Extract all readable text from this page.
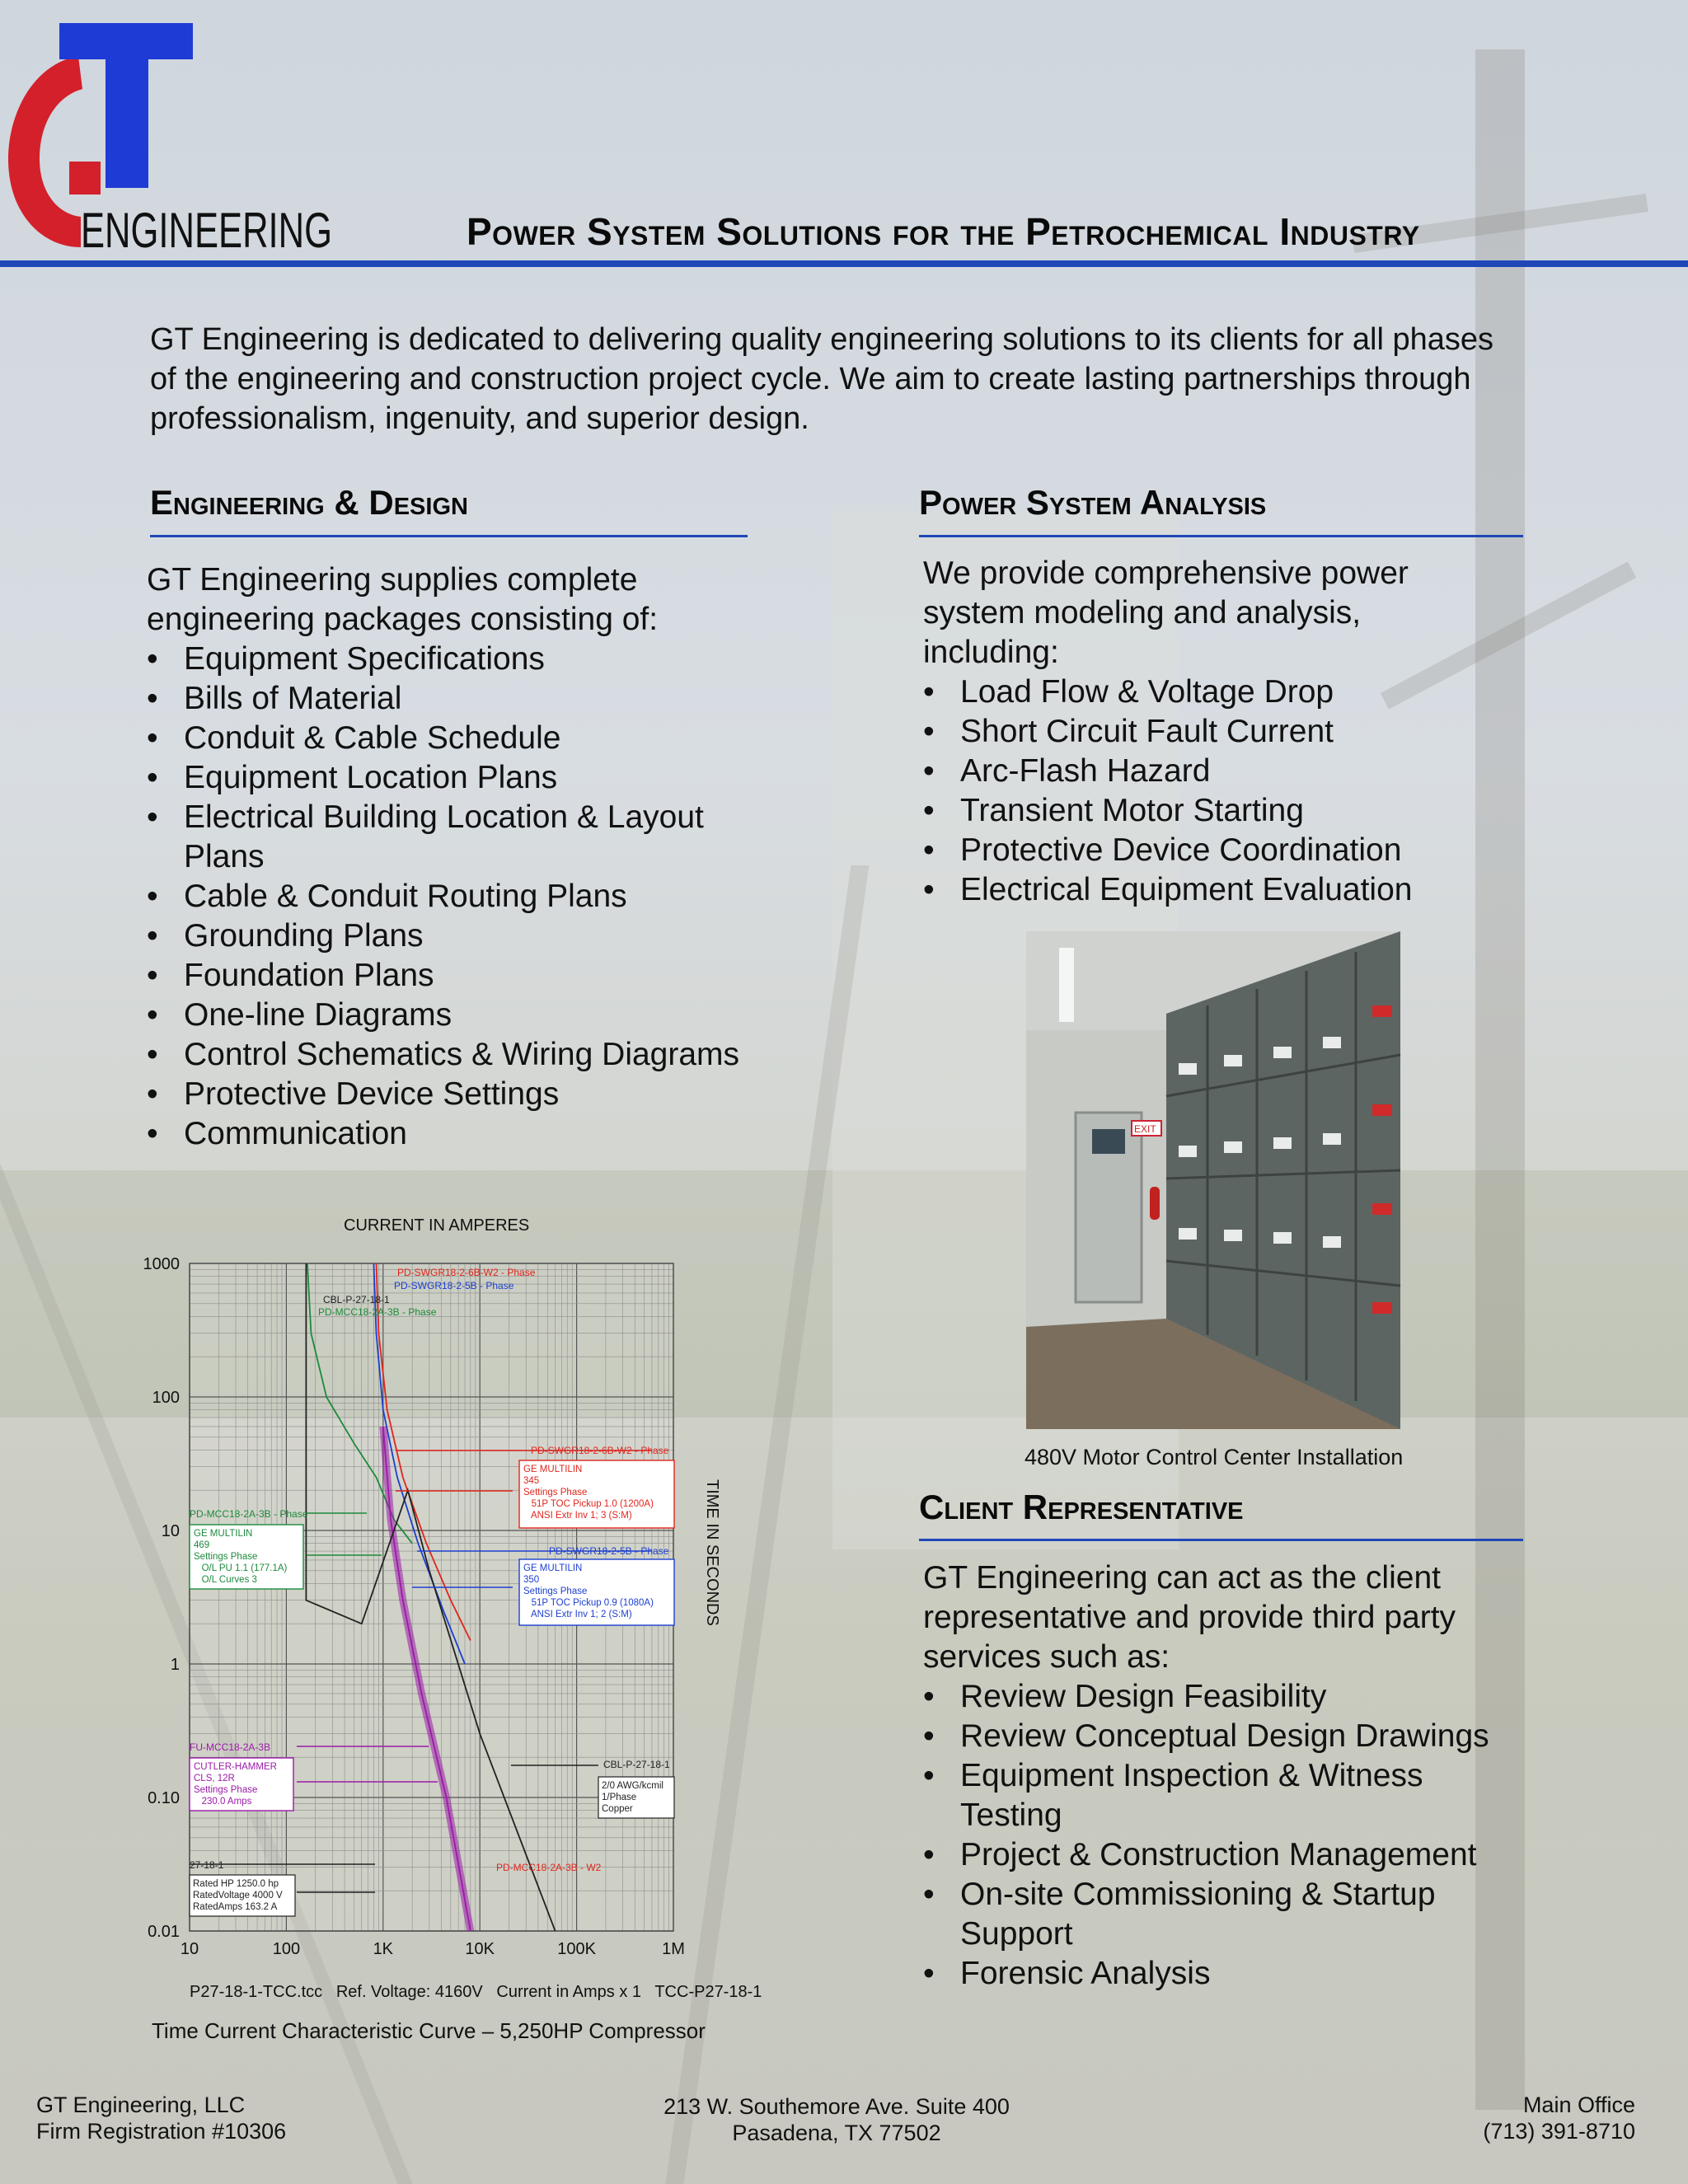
GT
ENGINEERING	Power System Solutions for the Petrochemical Industry
GT Engineering is dedicated to delivering quality engineering solutions to its clients for all phases of the engineering and construction project cycle. We aim to create lasting partnerships through professionalism, ingenuity, and superior design.
Engineering & Design
GT Engineering supplies complete engineering packages consisting of:
• Equipment Specifications
• Bills of Material
• Conduit & Cable Schedule
• Equipment Location Plans
• Electrical Building Location & Layout Plans
• Cable & Conduit Routing Plans
• Grounding Plans
• Foundation Plans
• One-line Diagrams
• Control Schematics & Wiring Diagrams
• Protective Device Settings
• Communication
Power System Analysis
We provide comprehensive power system modeling and analysis, including:
• Load Flow & Voltage Drop
• Short Circuit Fault Current
• Arc-Flash Hazard
• Transient Motor Starting
• Protective Device Coordination
• Electrical Equipment Evaluation
EXIT
480V Motor Control Center Installation
Client Representative
GT Engineering can act as the client representative and provide third party services such as:
• Review Design Feasibility
• Review Conceptual Design Drawings
• Equipment Inspection & Witness Testing
• Project & Construction Management
• On-site Commissioning & Startup Support
• Forensic Analysis
10	100	1K	10K	100K	1M
1000
100
10
1
0.10
0.01
CURRENT IN AMPERES
TIME IN SECONDS
PD-SWGR18-2-6B-W2 - Phase
PD-SWGR18-2-5B - Phase
CBL-P-27-18-1
PD-MCC18-2A-3B - Phase
PD-SWGR18-2-6B-W2 - Phase
PD-MCC18-2A-3B - Phase
PD-SWGR18-2-5B - Phase
FU-MCC18-2A-3B
CBL-P-27-18-1
27-18-1	PD-MCC18-2A-3B - W2
GE MULTILIN
345
Settings Phase
51P TOC Pickup 1.0 (1200A)
ANSI Extr Inv 1; 3 (S:M)
GE MULTILIN
469
Settings Phase
O/L PU 1.1 (177.1A)
O/L Curves 3
GE MULTILIN
350
Settings Phase
51P TOC Pickup 0.9 (1080A)
ANSI Extr Inv 1; 2 (S:M)
CUTLER-HAMMER
CLS, 12R
Settings Phase
230.0 Amps
2/0 AWG/kcmil
1/Phase
Copper
Rated HP 1250.0 hp
RatedVoltage 4000 V
RatedAmps 163.2 A
P27-18-1-TCC.tcc   Ref. Voltage: 4160V   Current in Amps x 1   TCC-P27-18-1
Time Current Characteristic Curve – 5,250HP Compressor
GT Engineering, LLC
Firm Registration #10306
213 W. Southemore Ave. Suite 400
Pasadena, TX 77502
Main Office
(713) 391-8710
